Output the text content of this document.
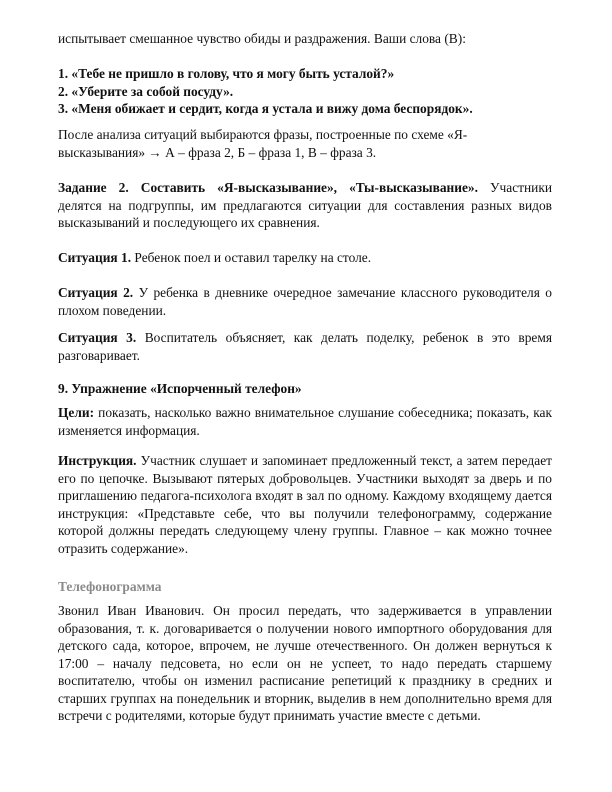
испытывает смешанное чувство обиды и раздражения. Ваши слова (В):
1. «Тебе не пришло в голову, что я могу быть усталой?»
2. «Уберите за собой посуду».
3. «Меня обижает и сердит, когда я устала и вижу дома беспорядок».
После анализа ситуаций выбираются фразы, построенные по схеме «Я-высказывания» → А – фраза 2, Б – фраза 1, В – фраза 3.
Задание 2. Составить «Я-высказывание», «Ты-высказывание». Участники делятся на подгруппы, им предлагаются ситуации для составления разных видов высказываний и последующего их сравнения.
Ситуация 1. Ребенок поел и оставил тарелку на столе.
Ситуация 2. У ребенка в дневнике очередное замечание классного руководителя о плохом поведении.
Ситуация 3. Воспитатель объясняет, как делать поделку, ребенок в это время разговаривает.
9. Упражнение «Испорченный телефон»
Цели: показать, насколько важно внимательное слушание собеседника; показать, как изменяется информация.
Инструкция. Участник слушает и запоминает предложенный текст, а затем передает его по цепочке. Вызывают пятерых добровольцев. Участники выходят за дверь и по приглашению педагога-психолога входят в зал по одному. Каждому входящему дается инструкция: «Представьте себе, что вы получили телефонограмму, содержание которой должны передать следующему члену группы. Главное – как можно точнее отразить содержание».
Телефонограмма
Звонил Иван Иванович. Он просил передать, что задерживается в управлении образования, т. к. договаривается о получении нового импортного оборудования для детского сада, которое, впрочем, не лучше отечественного. Он должен вернуться к 17:00 – началу педсовета, но если он не успеет, то надо передать старшему воспитателю, чтобы он изменил расписание репетиций к празднику в средних и старших группах на понедельник и вторник, выделив в нем дополнительно время для встречи с родителями, которые будут принимать участие вместе с детьми.
